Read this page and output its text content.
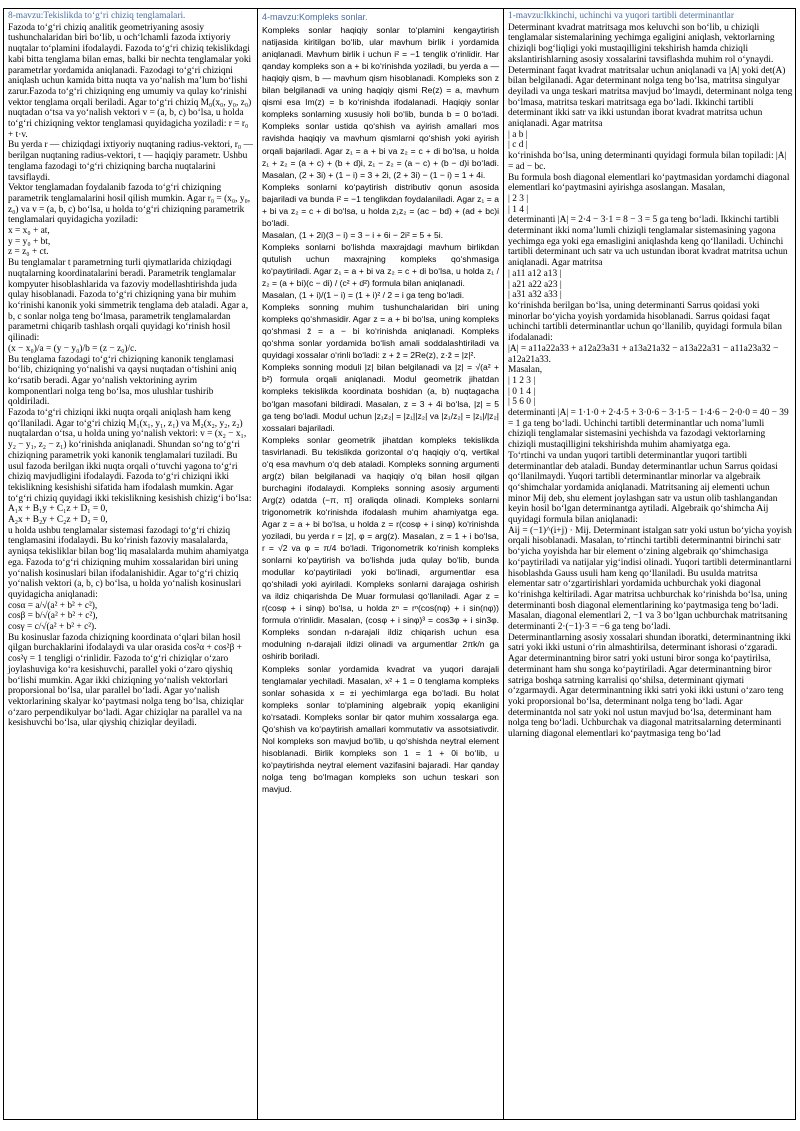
8-mavzu:Tekislikda to‘g‘ri chiziq tenglamalari.

Fazoda to‘g‘ri chiziq analitik geometriyaning asosiy tushunchalaridan biri bo‘lib, u och‘lchamli fazoda ixtiyoriy nuqtalar to‘plamini ifodalaydi. Fazoda to‘g‘ri chiziq tekislikdagi kabi bitta tenglama bilan emas, balki bir nechta tenglamalar yoki parametrlar yordamida aniqlanadi. Fazodagi to‘g‘ri chiziqni aniqlash uchun kamida bitta nuqta va yo‘nalish ma’lum bo‘lishi zarur.Fazoda to‘g‘ri chiziqning eng umumiy va qulay ko‘rinishi vektor tenglama orqali beriladi. Agar to‘g‘ri chiziq M₀(x₀, y₀, z₀) nuqtadan o‘tsa va yo‘nalish vektori v = (a, b, c) bo‘lsa, u holda to‘g‘ri chiziqning vektor tenglamasi quyidagicha yoziladi: r = r₀ + t·v.

Bu yerda r — chiziqdagi ixtiyoriy nuqtaning radius-vektori, r₀ — berilgan nuqtaning radius-vektori, t — haqiqiy parametr. Ushbu tenglama fazodagi to‘g‘ri chiziqning barcha nuqtalarini tavsiflaydi.

Vektor tenglamadan foydalanib fazoda to‘g‘ri chiziqning parametrik tenglamalarini hosil qilish mumkin. Agar r₀ = (x₀, y₀, z₀) va v = (a, b, c) bo‘lsa, u holda to‘g‘ri chiziqning parametrik tenglamalari quyidagicha yoziladi:

x = x₀ + at,

y = y₀ + bt,

z = z₀ + ct.

Bu tenglamalar t parametrning turli qiymatlarida chiziqdagi nuqtalarning koordinatalarini beradi. Parametrik tenglamalar kompyuter hisoblashlarida va fazoviy modellashtirishda juda qulay hisoblanadi. Fazoda to‘g‘ri chiziqning yana bir muhim ko‘rinishi kanonik yoki simmetrik tenglama deb ataladi. Agar a, b, c sonlar nolga teng bo‘lmasa, parametrik tenglamalardan parametrni chiqarib tashlash orqali quyidagi ko‘rinish hosil qilinadi:

(x − x₀)/a = (y − y₀)/b = (z − z₀)/c.

Bu tenglama fazodagi to‘g‘ri chiziqning kanonik tenglamasi bo‘lib, chiziqning yo‘nalishi va qaysi nuqtadan o‘tishini aniq ko‘rsatib beradi. Agar yo‘nalish vektorining ayrim komponentlari nolga teng bo‘lsa, mos ulushlar tushirib qoldiriladi.

Fazoda to‘g‘ri chiziqni ikki nuqta orqali aniqlash ham keng qo‘llaniladi. Agar to‘g‘ri chiziq M₁(x₁, y₁, z₁) va M₂(x₂, y₂, z₂) nuqtalardan o‘tsa, u holda uning yo‘nalish vektori: v = (x₂ − x₁, y₂ − y₁, z₂ − z₁) ko‘rinishda aniqlanadi. Shundan so‘ng to‘g‘ri chiziqning parametrik yoki kanonik tenglamalari tuziladi. Bu usul fazoda berilgan ikki nuqta orqali o‘tuvchi yagona to‘g‘ri chiziq mavjudligini ifodalaydi. Fazoda to‘g‘ri chiziqni ikki tekislikning kesishishi sifatida ham ifodalash mumkin. Agar to‘g‘ri chiziq quyidagi ikki tekislikning kesishish chizig‘i bo‘lsa:

A₁x + B₁y + C₁z + D₁ = 0,

A₂x + B₂y + C₂z + D₂ = 0,

u holda ushbu tenglamalar sistemasi fazodagi to‘g‘ri chiziq tenglamasini ifodalaydi. Bu ko‘rinish fazoviy masalalarda, ayniqsa tekisliklar bilan bog‘liq masalalarda muhim ahamiyatga ega. Fazoda to‘g‘ri chiziqning muhim xossalaridan biri uning yo‘nalish kosinuslari bilan ifodalanishidir. Agar to‘g‘ri chiziq yo‘nalish vektori (a, b, c) bo‘lsa, u holda yo‘nalish kosinuslari quyidagicha aniqlanadi:

cosα = a/√(a² + b² + c²),

cosβ = b/√(a² + b² + c²),

cosγ = c/√(a² + b² + c²).

Bu kosinuslar fazoda chiziqning koordinata o‘qlari bilan hosil qilgan burchaklarini ifodalaydi va ular orasida cos²α + cos²β + cos²γ = 1 tengligi o‘rinlidir. Fazoda to‘g‘ri chiziqlar o‘zaro joylashuviga ko‘ra kesishuvchi, parallel yoki o‘zaro qiyshiq bo‘lishi mumkin. Agar ikki chiziqning yo‘nalish vektorlari proporsional bo‘lsa, ular parallel bo‘ladi. Agar yo‘nalish vektorlarining skalyar ko‘paytmasi nolga teng bo‘lsa, chiziqlar o‘zaro perpendikulyar bo‘ladi. Agar chiziqlar na parallel va na kesishuvchi bo‘lsa, ular qiyshiq chiziqlar deyiladi.

4-mavzu:Kompleks sonlar.

Kompleks sonlar haqiqiy sonlar to‘plamini kengaytirish natijasida kiritilgan bo‘lib, ular mavhum birlik i yordamida aniqlanadi. Mavhum birlik i uchun i² = −1 tenglik o‘rinlidir. Har qanday kompleks son a + bi ko‘rinishda yoziladi, bu yerda a — haqiqiy qism, b — mavhum qism hisoblanadi. Kompleks son z bilan belgilanadi va uning haqiqiy qismi Re(z) = a, mavhum qismi esa Im(z) = b ko‘rinishda ifodalanadi. Haqiqiy sonlar kompleks sonlarning xususiy holi bo‘lib, bunda b = 0 bo‘ladi. Kompleks sonlar ustida qo‘shish va ayirish amallari mos ravishda haqiqiy va mavhum qismlarni qo‘shish yoki ayirish orqali bajariladi. Agar z₁ = a + bi va z₂ = c + di bo‘lsa, u holda z₁ + z₂ = (a + c) + (b + d)i, z₁ − z₂ = (a − c) + (b − d)i bo‘ladi. Masalan, (2 + 3i) + (1 − i) = 3 + 2i, (2 + 3i) − (1 − i) = 1 + 4i.

Kompleks sonlarni ko‘paytirish distributiv qonun asosida bajariladi va bunda i² = −1 tenglikdan foydalaniladi. Agar z₁ = a + bi va z₂ = c + di bo‘lsa, u holda z₁z₂ = (ac − bd) + (ad + bc)i bo‘ladi.

Masalan, (1 + 2i)(3 − i) = 3 − i + 6i − 2i² = 5 + 5i.

Kompleks sonlarni bo‘lishda maxrajdagi mavhum birlikdan qutulish uchun maxrajning kompleks qo‘shmasiga ko‘paytiriladi. Agar z₁ = a + bi va z₂ = c + di bo‘lsa, u holda z₁ / z₂ = (a + bi)(c − di) / (c² + d²) formula bilan aniqlanadi.

Masalan, (1 + i)/(1 − i) = (1 + i)² / 2 = i ga teng bo‘ladi.

Kompleks sonning muhim tushunchalaridan biri uning kompleks qo‘shmasidir. Agar z = a + bi bo‘lsa, uning kompleks qo‘shmasi z̄ = a − bi ko‘rinishda aniqlanadi. Kompleks qo‘shma sonlar yordamida bo‘lish amali soddalashtiriladi va quyidagi xossalar o‘rinli bo‘ladi: z + z̄ = 2Re(z), z·z̄ = |z|².

Kompleks sonning moduli |z| bilan belgilanadi va |z| = √(a² + b²) formula orqali aniqlanadi. Modul geometrik jihatdan kompleks tekislikda koordinata boshidan (a, b) nuqtagacha bo‘lgan masofani bildiradi. Masalan, z = 3 + 4i bo‘lsa, |z| = 5 ga teng bo‘ladi. Modul uchun |z₁z₂| = |z₁||z₂| va |z₁/z₂| = |z₁|/|z₂| xossalari bajariladi.

Kompleks sonlar geometrik jihatdan kompleks tekislikda tasvirlanadi. Bu tekislikda gorizontal o‘q haqiqiy o‘q, vertikal o‘q esa mavhum o‘q deb ataladi. Kompleks sonning argumenti arg(z) bilan belgilanadi va haqiqiy o‘q bilan hosil qilgan burchagini ifodalaydi. Kompleks sonning asosiy argumenti Arg(z) odatda (−π, π] oraliqda olinadi. Kompleks sonlarni trigonometrik ko‘rinishda ifodalash muhim ahamiyatga ega. Agar z = a + bi bo‘lsa, u holda z = r(cosφ + i sinφ) ko‘rinishda yoziladi, bu yerda r = |z|, φ = arg(z). Masalan, z = 1 + i bo‘lsa, r = √2 va φ = π/4 bo‘ladi. Trigonometrik ko‘rinish kompleks sonlarni ko‘paytirish va bo‘lishda juda qulay bo‘lib, bunda modullar ko‘paytiriladi yoki bo‘linadi, argumentlar esa qo‘shiladi yoki ayiriladi. Kompleks sonlarni darajaga oshirish va ildiz chiqarishda De Muar formulasi qo‘llaniladi. Agar z = r(cosφ + i sinφ) bo‘lsa, u holda zⁿ = rⁿ(cos(nφ) + i sin(nφ)) formula o‘rinlidir. Masalan, (cosφ + i sinφ)³ = cos3φ + i sin3φ. Kompleks sondan n-darajali ildiz chiqarish uchun esa modulning n-darajali ildizi olinadi va argumentlar 2πk/n ga oshirib boriladi.

Kompleks sonlar yordamida kvadrat va yuqori darajali tenglamalar yechiladi. Masalan, x² + 1 = 0 tenglama kompleks sonlar sohasida x = ±i yechimlarga ega bo‘ladi. Bu holat kompleks sonlar to‘plamining algebraik yopiq ekanligini ko‘rsatadi. Kompleks sonlar bir qator muhim xossalarga ega. Qo‘shish va ko‘paytirish amallari kommutativ va assotsiativdir. Nol kompleks son mavjud bo‘lib, u qo‘shishda neytral element hisoblanadi. Birlik kompleks son 1 = 1 + 0i bo‘lib, u ko‘paytirishda neytral element vazifasini bajaradi. Har qanday nolga teng bo‘lmagan kompleks son uchun teskari son mavjud.

1-mavzu:Ikkinchi, uchinchi va yuqori tartibli determinantlar

Determinant kvadrat matritsaga mos keluvchi son bo‘lib, u chiziqli tenglamalar sistemalarining yechimga egaligini aniqlash, vektorlarning chiziqli bog‘liqligi yoki mustaqilligini tekshirish hamda chiziqli akslantirishlarning asosiy xossalarini tavsiflashda muhim rol o‘ynaydi. Determinant faqat kvadrat matritsalar uchun aniqlanadi va |A| yoki det(A) bilan belgilanadi. Agar determinant nolga teng bo‘lsa, matritsa singulyar deyiladi va unga teskari matritsa mavjud bo‘lmaydi, determinant nolga teng bo‘lmasa, matritsa teskari matritsaga ega bo‘ladi. Ikkinchi tartibli determinant ikki satr va ikki ustundan iborat kvadrat matritsa uchun aniqlanadi. Agar matritsa

| a b |

| c d |

ko‘rinishda bo‘lsa, uning determinanti quyidagi formula bilan topiladi: |A| = ad − bc.

Bu formula bosh diagonal elementlari ko‘paytmasidan yordamchi diagonal elementlari ko‘paytmasini ayirishga asoslangan. Masalan,

| 2 3 |

| 1 4 |

determinanti |A| = 2·4 − 3·1 = 8 − 3 = 5 ga teng bo‘ladi. Ikkinchi tartibli determinant ikki noma’lumli chiziqli tenglamalar sistemasining yagona yechimga ega yoki ega emasligini aniqlashda keng qo‘llaniladi. Uchinchi tartibli determinant uch satr va uch ustundan iborat kvadrat matritsa uchun aniqlanadi. Agar matritsa

| a11 a12 a13 |

| a21 a22 a23 |

| a31 a32 a33 |

ko‘rinishda berilgan bo‘lsa, uning determinanti Sarrus qoidasi yoki minorlar bo‘yicha yoyish yordamida hisoblanadi. Sarrus qoidasi faqat uchinchi tartibli determinantlar uchun qo‘llanilib, quyidagi formula bilan ifodalanadi:

|A| = a11a22a33 + a12a23a31 + a13a21a32 − a13a22a31 − a11a23a32 − a12a21a33.

Masalan,

| 1 2 3 |

| 0 1 4 |

| 5 6 0 |

determinanti |A| = 1·1·0 + 2·4·5 + 3·0·6 − 3·1·5 − 1·4·6 − 2·0·0 = 40 − 39 = 1 ga teng bo‘ladi. Uchinchi tartibli determinantlar uch noma’lumli chiziqli tenglamalar sistemasini yechishda va fazodagi vektorlarning chiziqli mustaqilligini tekshirishda muhim ahamiyatga ega.

To‘rtinchi va undan yuqori tartibli determinantlar yuqori tartibli determinantlar deb ataladi. Bunday determinantlar uchun Sarrus qoidasi qo‘llanilmaydi. Yuqori tartibli determinantlar minorlar va algebraik qo‘shimchalar yordamida aniqlanadi. Matritsaning aij elementi uchun minor Mij deb, shu element joylashgan satr va ustun olib tashlangandan keyin hosil bo‘lgan determinantga aytiladi. Algebraik qo‘shimcha Aij quyidagi formula bilan aniqlanadi:

Aij = (−1)^(i+j) · Mij. Determinant istalgan satr yoki ustun bo‘yicha yoyish orqali hisoblanadi. Masalan, to‘rtinchi tartibli determinantni birinchi satr bo‘yicha yoyishda har bir element o‘zining algebraik qo‘shimchasiga ko‘paytiriladi va natijalar yig‘indisi olinadi. Yuqori tartibli determinantlarni hisoblashda Gauss usuli ham keng qo‘llaniladi. Bu usulda matritsa elementar satr o‘zgartirishlari yordamida uchburchak yoki diagonal ko‘rinishga keltiriladi. Agar matritsa uchburchak ko‘rinishda bo‘lsa, uning determinanti bosh diagonal elementlarining ko‘paytmasiga teng bo‘ladi. Masalan, diagonal elementlari 2, −1 va 3 bo‘lgan uchburchak matritsaning determinanti 2·(−1)·3 = −6 ga teng bo‘ladi.

Determinantlarning asosiy xossalari shundan iboratki, determinantning ikki satri yoki ikki ustuni o‘rin almashtirilsa, determinant ishorasi o‘zgaradi. Agar determinantning biror satri yoki ustuni biror songa ko‘paytirilsa, determinant ham shu songa ko‘paytiriladi. Agar determinantning biror satriga boshqa satrning karralisi qo‘shilsa, determinant qiymati o‘zgarmaydi. Agar determinantning ikki satri yoki ikki ustuni o‘zaro teng yoki proporsional bo‘lsa, determinant nolga teng bo‘ladi. Agar determinantda nol satr yoki nol ustun mavjud bo‘lsa, determinant ham nolga teng bo‘ladi. Uchburchak va diagonal matritsalarning determinanti ularning diagonal elementlari ko‘paytmasiga teng bo‘lad
